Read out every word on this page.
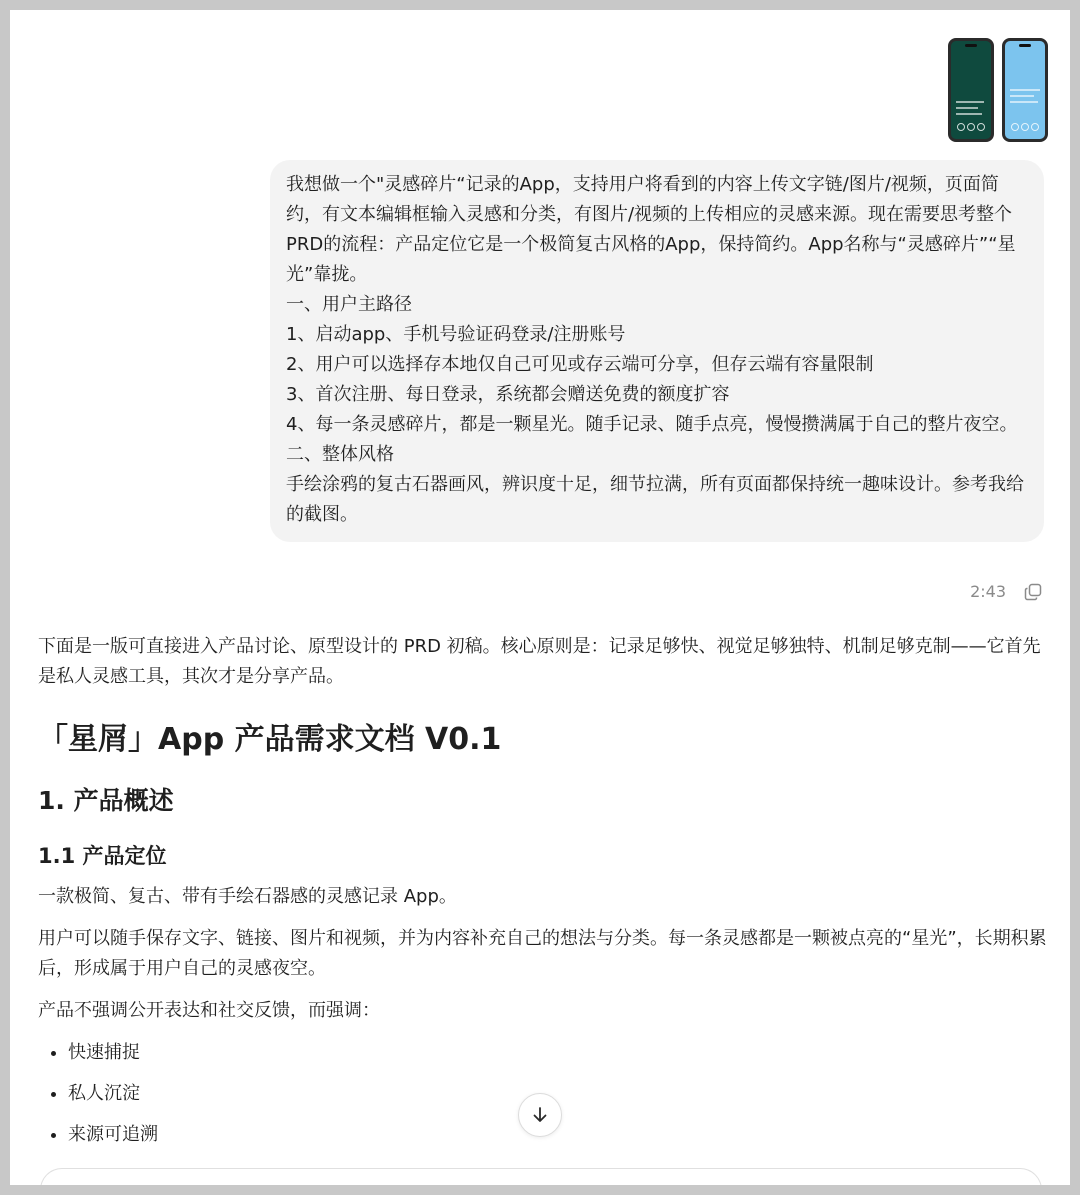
我想做一个"灵感碎片“记录的App，支持用户将看到的内容上传文字链/图片/视频，页面简约，有文本编辑框输入灵感和分类，有图片/视频的上传相应的灵感来源。现在需要思考整个PRD的流程：产品定位它是一个极简复古风格的App，保持简约。App名称与“灵感碎片”“星光”靠拢。

一、用户主路径

1、启动app、手机号验证码登录/注册账号

2、用户可以选择存本地仅自己可见或存云端可分享，但存云端有容量限制

3、首次注册、每日登录，系统都会赠送免费的额度扩容

4、每一条灵感碎片，都是一颗星光。随手记录、随手点亮，慢慢攒满属于自己的整片夜空。

二、整体风格

手绘涂鸦的复古石器画风，辨识度十足，细节拉满，所有页面都保持统一趣味设计。参考我给的截图。

2:43

下面是一版可直接进入产品讨论、原型设计的 PRD 初稿。核心原则是：记录足够快、视觉足够独特、机制足够克制——它首先是私人灵感工具，其次才是分享产品。

「星屑」App 产品需求文档 V0.1
1. 产品概述
1.1 产品定位

一款极简、复古、带有手绘石器感的灵感记录 App。

用户可以随手保存文字、链接、图片和视频，并为内容补充自己的想法与分类。每一条灵感都是一颗被点亮的“星光”，长期积累后，形成属于用户自己的灵感夜空。

产品不强调公开表达和社交反馈，而强调：

• 快速捕捉
• 私人沉淀
• 来源可追溯
